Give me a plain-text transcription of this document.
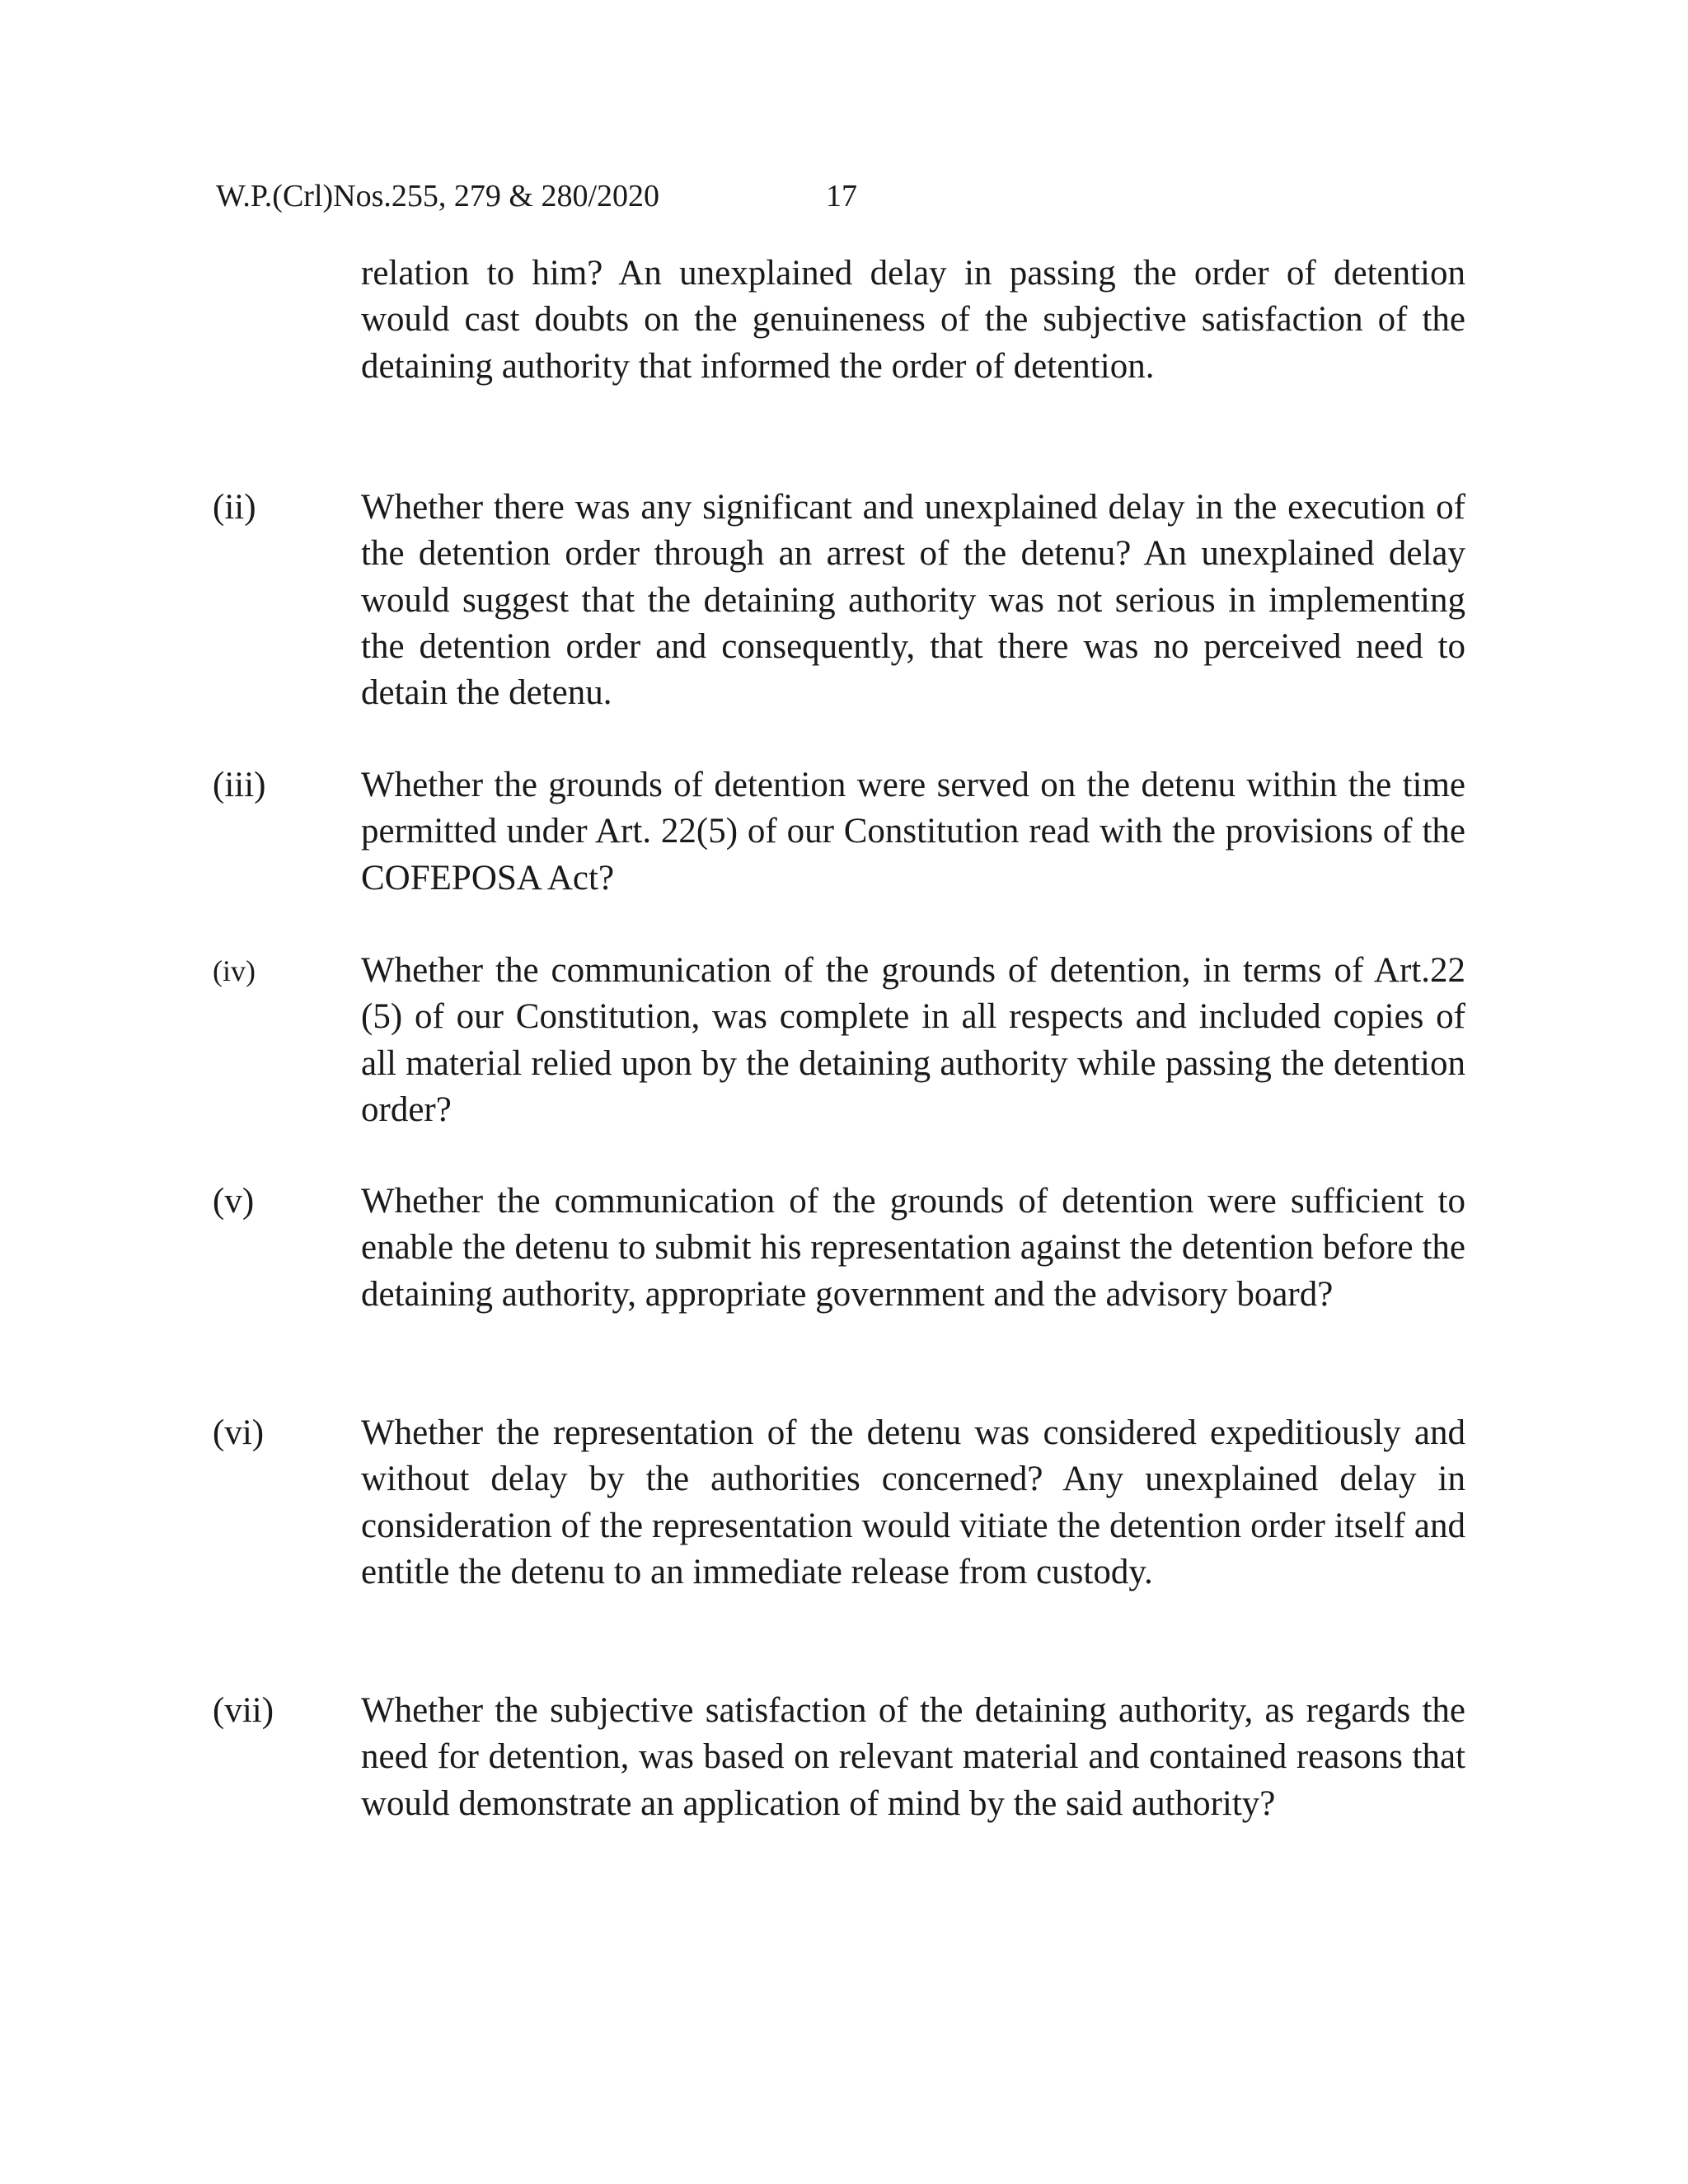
W.P.(Crl)Nos.255, 279 & 280/2020	17
relation to him? An unexplained delay in passing the order of detention would cast doubts on the genuineness of the subjective satisfaction of the detaining authority that informed the order of detention.
(ii)	Whether there was any significant and unexplained delay in the execution of the detention order through an arrest of the detenu? An unexplained delay would suggest that the detaining authority was not serious in implementing the detention order and consequently, that there was no perceived need to detain the detenu.
(iii)	Whether the grounds of detention were served on the detenu within the time permitted under Art. 22(5) of our Constitution read with the provisions of the COFEPOSA Act?
(iv)	Whether the communication of the grounds of detention, in terms of Art.22 (5) of our Constitution, was complete in all respects and included copies of all material relied upon by the detaining authority while passing the detention order?
(v)	Whether the communication of the grounds of detention were sufficient to enable the detenu to submit his representation against the detention before the detaining authority, appropriate government and the advisory board?
(vi)	Whether the representation of the detenu was considered expeditiously and without delay by the authorities concerned? Any unexplained delay in consideration of the representation would vitiate the detention order itself and entitle the detenu to an immediate release from custody.
(vii) Whether the subjective satisfaction of the detaining authority, as regards the need for detention, was based on relevant material and contained reasons that would demonstrate an application of mind by the said authority?
